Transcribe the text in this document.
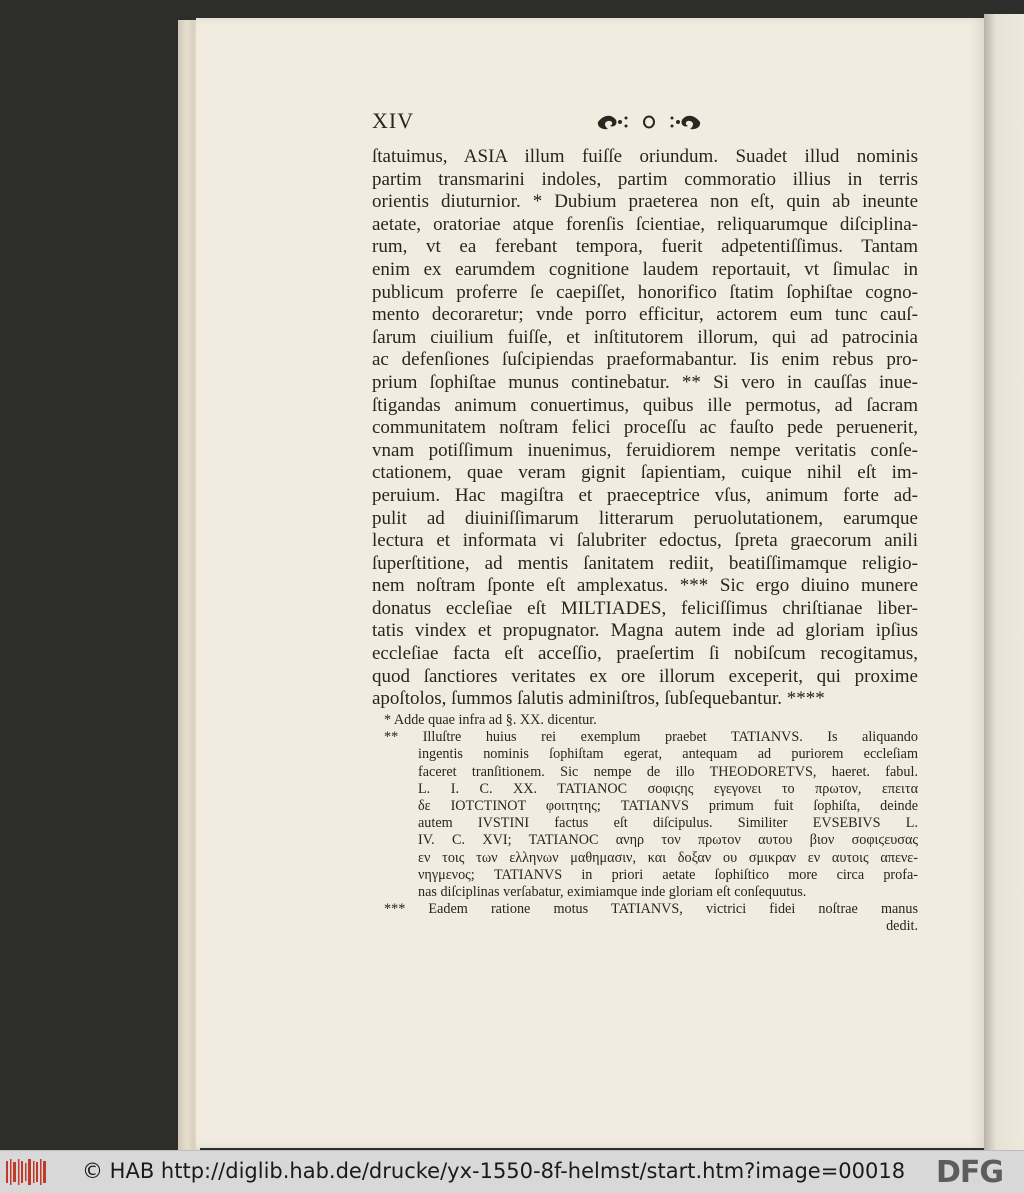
XIV
ſtatuimus, ASIA illum fuiſſe oriundum. Suadet illud nominis
partim transmarini indoles, partim commoratio illius in terris
orientis diuturnior. * Dubium praeterea non eſt, quin ab ineunte
aetate, oratoriae atque forenſis ſcientiae, reliquarumque diſciplina-
rum, vt ea ferebant tempora, fuerit adpetentiſſimus. Tantam
enim ex earumdem cognitione laudem reportauit, vt ſimulac in
publicum proferre ſe caepiſſet, honorifico ſtatim ſophiſtae cogno-
mento decoraretur; vnde porro efficitur, actorem eum tunc cauſ-
ſarum ciuilium fuiſſe, et inſtitutorem illorum, qui ad patrocinia
ac defenſiones ſuſcipiendas praeformabantur. Iis enim rebus pro-
prium ſophiſtae munus continebatur. ** Si vero in cauſſas inue-
ſtigandas animum conuertimus, quibus ille permotus, ad ſacram
communitatem noſtram felici proceſſu ac fauſto pede peruenerit,
vnam potiſſimum inuenimus, feruidiorem nempe veritatis conſe-
ctationem, quae veram gignit ſapientiam, cuique nihil eſt im-
peruium. Hac magiſtra et praeceptrice vſus, animum forte ad-
pulit ad diuiniſſimarum litterarum peruolutationem, earumque
lectura et informata vi ſalubriter edoctus, ſpreta graecorum anili
ſuperſtitione, ad mentis ſanitatem rediit, beatiſſimamque religio-
nem noſtram ſponte eſt amplexatus. *** Sic ergo diuino munere
donatus eccleſiae eſt MILTIADES, feliciſſimus chriſtianae liber-
tatis vindex et propugnator. Magna autem inde ad gloriam ipſius
eccleſiae facta eſt acceſſio, praeſertim ſi nobiſcum recogitamus,
quod ſanctiores veritates ex ore illorum exceperit, qui proxime
apoſtolos, ſummos ſalutis adminiſtros, ſubſequebantur. ****
* Adde quae infra ad §. XX. dicentur.
** Illuſtre huius rei exemplum praebet TATIANVS. Is aliquando
ingentis nominis ſophiſtam egerat, antequam ad puriorem eccleſiam
faceret tranſitionem. Sic nempe de illo THEODORETVS, haeret. fabul.
L. I. C. XX. TATIANOC σοφιϛης εγεγονει το πρωτον, επειτα
δε IOTCTINOT φοιτητης; TATIANVS primum fuit ſophiſta, deinde
autem IVSTINI factus eſt diſcipulus. Similiter EVSEBIVS L.
IV. C. XVI; TATIANOC ανηρ τον πρωτον αυτου βιον σοφιϛευσας
εν τοις των ελληνων μαθημασιν, και δοξαν ου σμικραν εν αυτοις απενε-
νηγμενος; TATIANVS in priori aetate ſophiſtico more circa profa-
nas diſciplinas verſabatur, eximiamque inde gloriam eſt conſequutus.
*** Eadem ratione motus TATIANVS, victrici fidei noſtrae manus
dedit.
© HAB http://diglib.hab.de/drucke/yx-1550-8f-helmst/start.htm?image=00018 DFG
